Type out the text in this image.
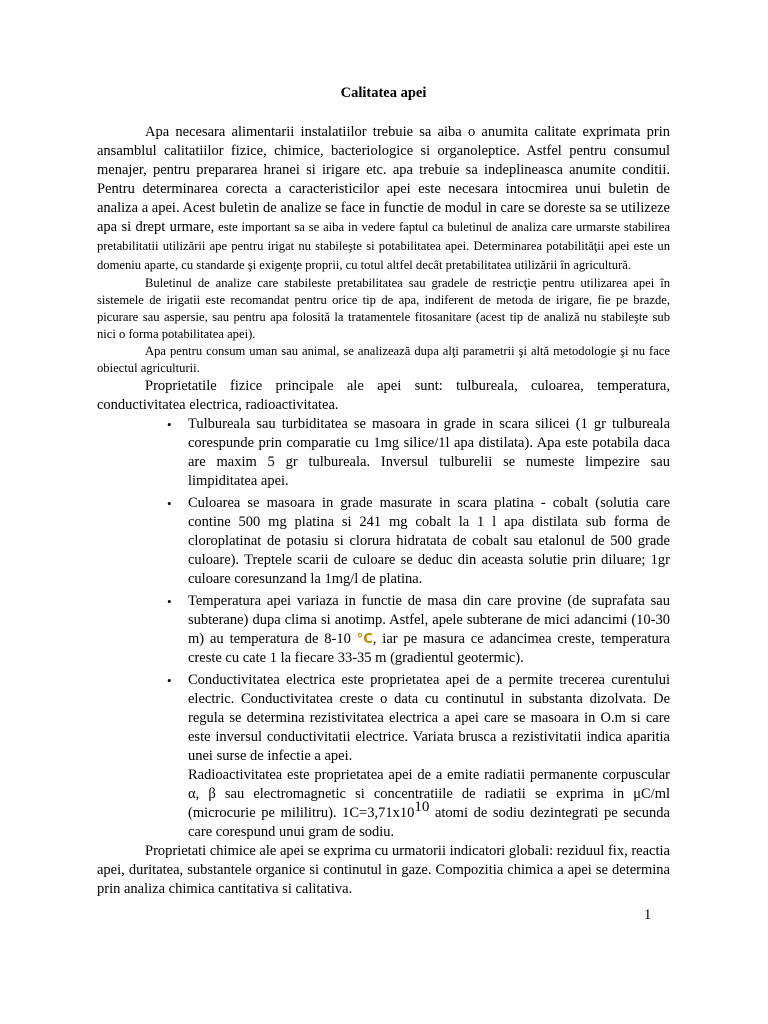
Calitatea apei

Apa necesara alimentarii instalatiilor trebuie sa aiba o anumita calitate exprimata prin ansamblul calitatiilor fizice, chimice, bacteriologice si organoleptice. Astfel pentru consumul menajer, pentru prepararea hranei si irigare etc. apa trebuie sa indeplineasca anumite conditii. Pentru determinarea corecta a caracteristicilor apei este necesara intocmirea unui buletin de analiza a apei. Acest buletin de analize se face in functie de modul in care se doreste sa se utilizeze apa si drept urmare, este important sa se aiba in vedere faptul ca buletinul de analiza care urmarste stabilirea pretabilitatii utilizării ape pentru irigat nu stabileşte si potabilitatea apei. Determinarea potabilităţii apei este un domeniu aparte, cu standarde şi exigenţe proprii, cu totul altfel decât pretabilitatea utilizării în agricultură.

Buletinul de analize care stabileste pretabilitatea sau gradele de restricţie pentru utilizarea apei în sistemele de irigatii este recomandat pentru orice tip de apa, indiferent de metoda de irigare, fie pe brazde, picurare sau aspersie, sau pentru apa folosită la tratamentele fitosanitare (acest tip de analiză nu stabileşte sub nici o forma potabilitatea apei).

Apa pentru consum uman sau animal, se analizează dupa alţi parametrii şi altă metodologie şi nu face obiectul agriculturii.

Proprietatile fizice principale ale apei sunt: tulbureala, culoarea, temperatura, conductivitatea electrica, radioactivitatea.

• Tulbureala sau turbiditatea se masoara in grade in scara silicei (1 gr tulbureala corespunde prin comparatie cu 1mg silice/1l apa distilata). Apa este potabila daca are maxim 5 gr tulbureala. Inversul tulburelii se numeste limpezire sau limpiditatea apei.
• Culoarea se masoara in grade masurate in scara platina - cobalt (solutia care contine 500 mg platina si 241 mg cobalt la 1 l apa distilata sub forma de cloroplatinat de potasiu si clorura hidratata de cobalt sau etalonul de 500 grade culoare). Treptele scarii de culoare se deduc din aceasta solutie prin diluare; 1gr culoare coresunzand la 1mg/l de platina.
• Temperatura apei variaza in functie de masa din care provine (de suprafata sau subterane) dupa clima si anotimp. Astfel, apele subterane de mici adancimi (10-30 m) au temperatura de 8-10 °C, iar pe masura ce adancimea creste, temperatura creste cu cate 1 la fiecare 33-35 m (gradientul geotermic).
• Conductivitatea electrica este proprietatea apei de a permite trecerea curentului electric. Conductivitatea creste o data cu continutul in substanta dizolvata. De regula se determina rezistivitatea electrica a apei care se masoara in O.m si care este inversul conductivitatii electrice. Variata brusca a rezistivitatii indica aparitia unei surse de infectie a apei.

Radioactivitatea este proprietatea apei de a emite radiatii permanente corpuscular α, β sau electromagnetic si concentratiile de radiatii se exprima in μC/ml (microcurie pe mililitru). 1C=3,71x1010 atomi de sodiu dezintegrati pe secunda care corespund unui gram de sodiu.

Proprietati chimice ale apei se exprima cu urmatorii indicatori globali: reziduul fix, reactia apei, duritatea, substantele organice si continutul in gaze. Compozitia chimica a apei se determina prin analiza chimica cantitativa si calitativa.

1
